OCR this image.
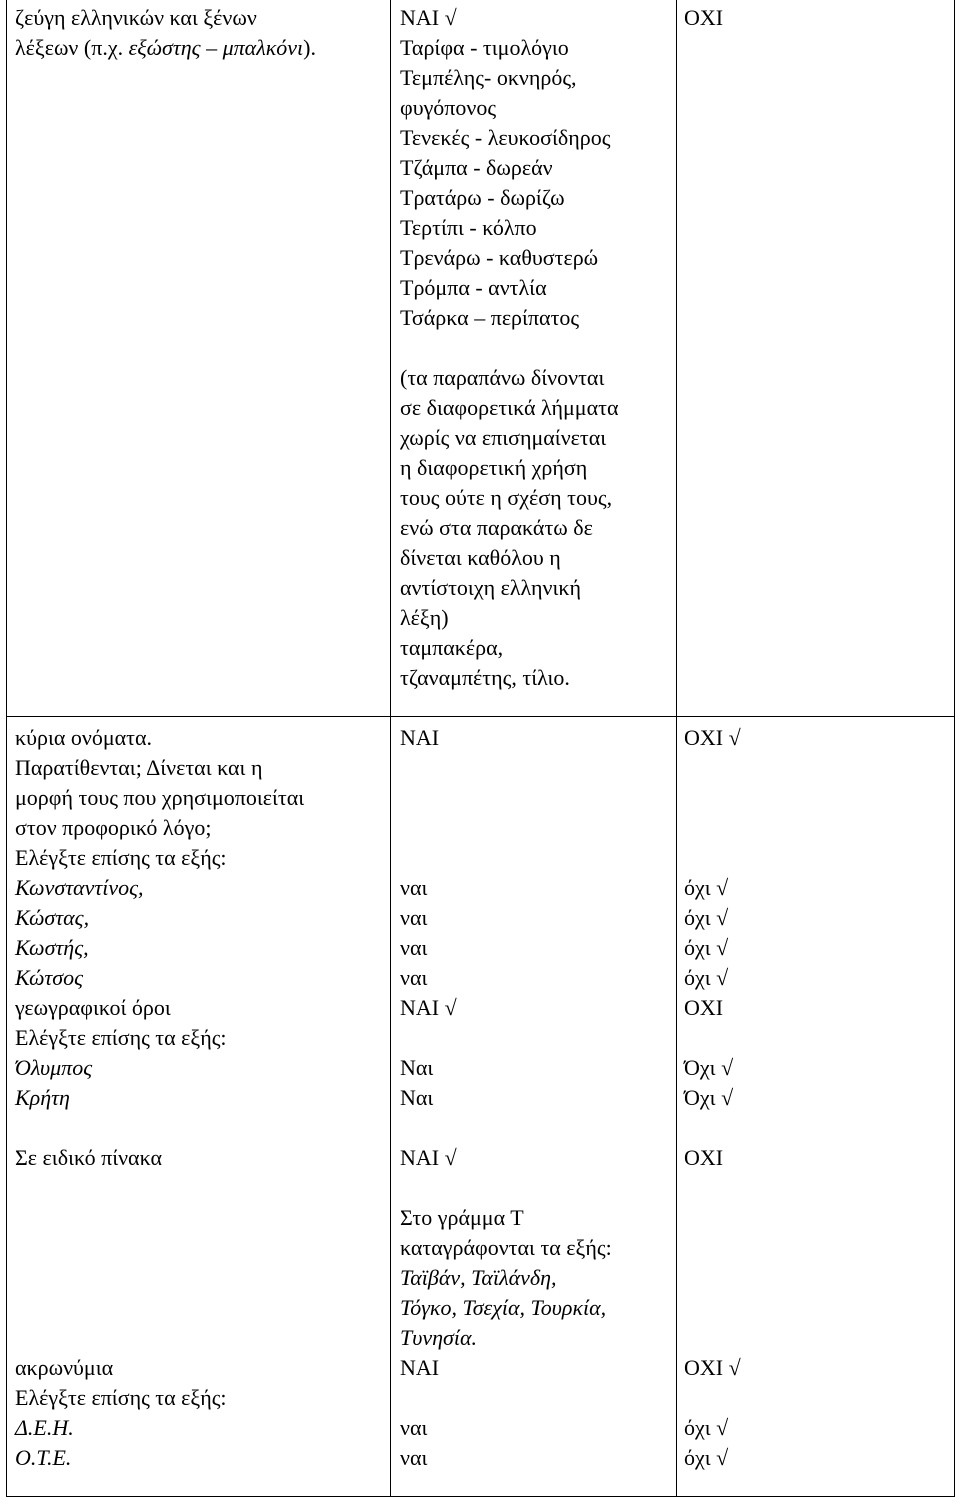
ζεύγη ελληνικών και ξένων
λέξεων (π.χ. εξώστης – μπαλκόνι).
ΝΑΙ √
Ταρίφα - τιμολόγιο
Τεμπέλης- οκνηρός,
φυγόπονος
Τενεκές - λευκοσίδηρος
Τζάμπα - δωρεάν
Τρατάρω - δωρίζω
Τερτίπι - κόλπο
Τρενάρω - καθυστερώ
Τρόμπα - αντλία
Τσάρκα – περίπατος
(τα παραπάνω δίνονται
σε διαφορετικά λήμματα
χωρίς να επισημαίνεται
η διαφορετική χρήση
τους ούτε η σχέση τους,
ενώ στα παρακάτω δε
δίνεται καθόλου η
αντίστοιχη ελληνική
λέξη)
ταμπακέρα,
τζαναμπέτης, τίλιο.
ΟΧΙ
κύρια ονόματα.
Παρατίθενται; Δίνεται και η
μορφή τους που χρησιμοποιείται
στον προφορικό λόγο;
Ελέγξτε επίσης τα εξής:
Κωνσταντίνος,
Κώστας,
Κωστής,
Κώτσος
γεωγραφικοί όροι
Ελέγξτε επίσης τα εξής:
Όλυμπος
Κρήτη
Σε ειδικό πίνακα
ακρωνύμια
Ελέγξτε επίσης τα εξής:
Δ.Ε.Η.
Ο.Τ.Ε.
ΝΑΙ
ναι
ναι
ναι
ναι
ΝΑΙ √
Ναι
Ναι
ΝΑΙ √
Στο γράμμα Τ
καταγράφονται τα εξής:
Ταϊβάν, Ταϊλάνδη,
Τόγκο, Τσεχία, Τουρκία,
Τυνησία.
ΝΑΙ
ναι
ναι
ΟΧΙ √
όχι √
όχι √
όχι √
όχι √
ΟΧΙ
Όχι √
Όχι √
ΟΧΙ
ΟΧΙ √
όχι √
όχι √
